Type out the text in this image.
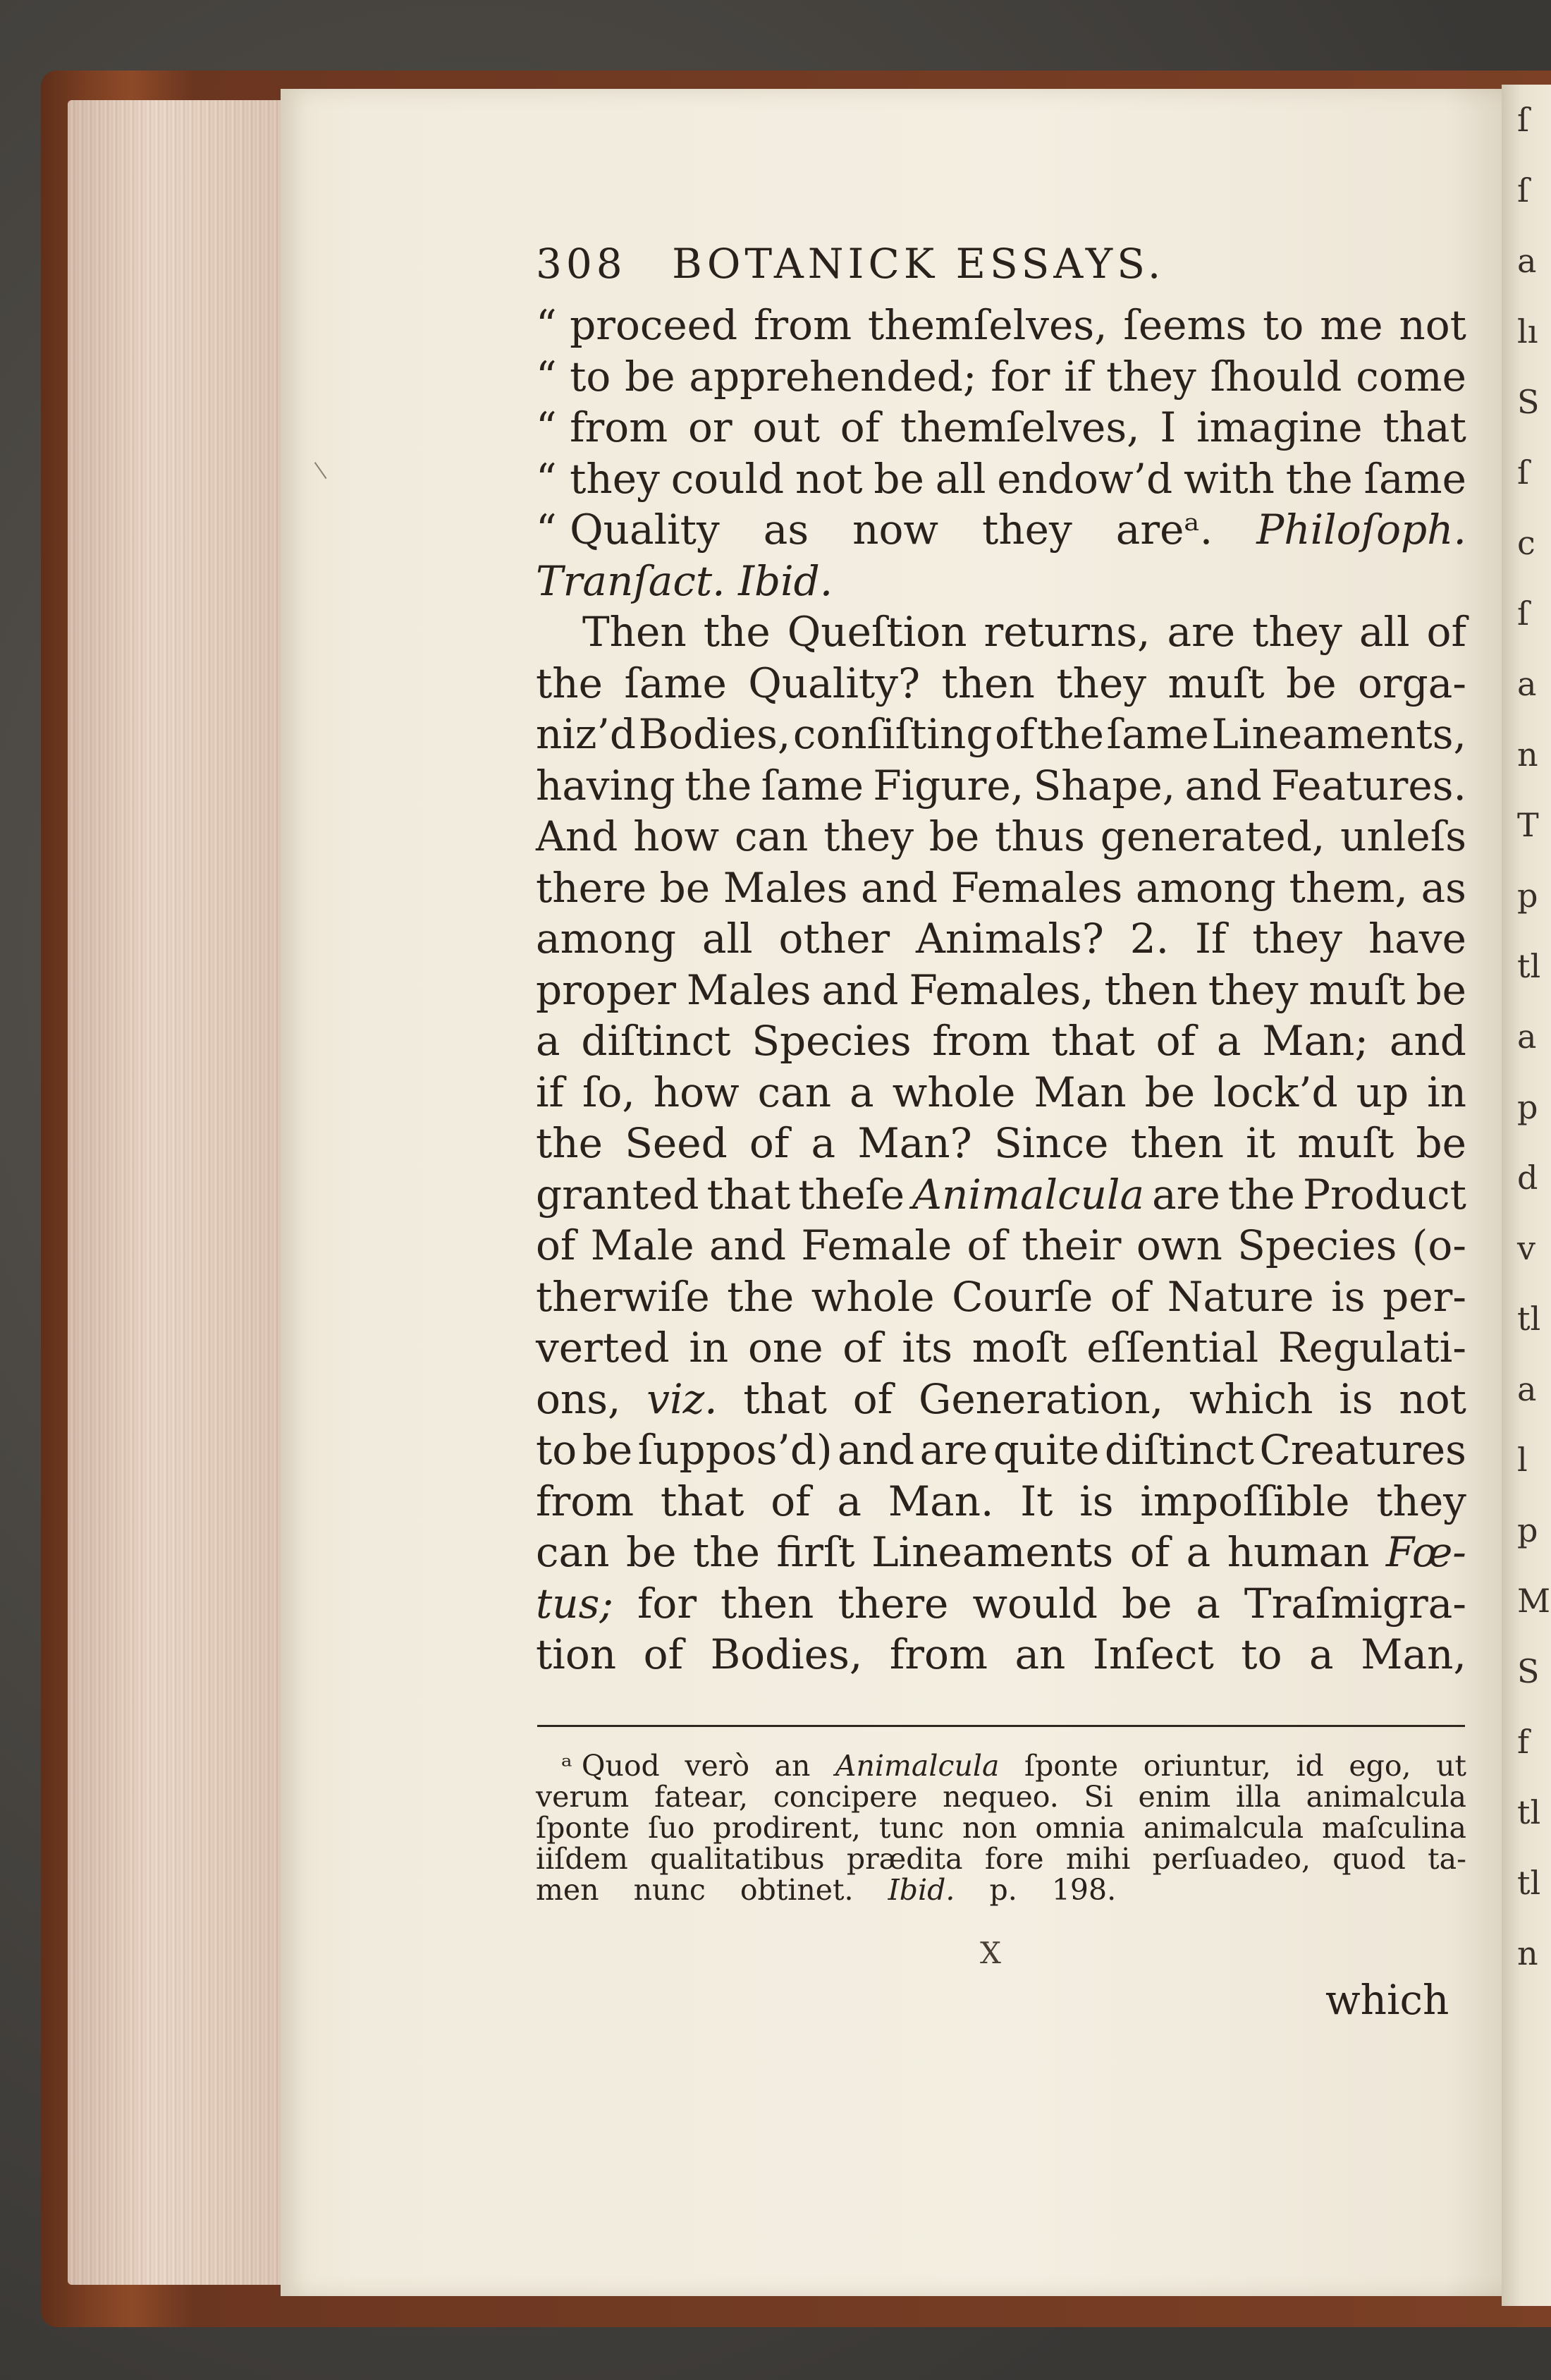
ſ
ſ
a
lı
S
ſ
c
ſ
a
n
T
p
tl
a
p
d
v
tl
a
l
p
M
S
f
tl
tl
n
308 BOTANICK ESSAYS.
“ proceed from themſelves, ſeems to me not
“ to be apprehended; for if they ſhould come
“ from or out of themſelves, I imagine that
“ they could not be all endow’d with the ſame
“ Quality as now they areᵃ. Philoſoph.
Tranſact.
Ibid.
Then the Queſtion returns, are they all of
the ſame Quality? then they muſt be orga-
niz’d Bodies, conſiſting of the ſame Lineaments,
having the ſame Figure, Shape, and Features.
And how can they be thus generated, unleſs
there be Males and Females among them, as
among all other Animals? 2. If they have
proper Males and Females, then they muſt be
a diſtinct Species from that of a Man; and
if ſo, how can a whole Man be lock’d up in
the Seed of a Man? Since then it muſt be
granted that theſe Animalcula are the Product
of Male and Female of their own Species (o-
therwiſe the whole Courſe of Nature is per-
verted in one of its moſt eſſential Regulati-
ons, viz. that of Generation, which is not
to be ſuppos’d) and are quite diſtinct Creatures
from that of a Man. It is impoſſible they
can be the firſt Lineaments of a human Fœ-
tus; for then there would be a Traſmigra-
tion of Bodies, from an Inſect to a Man,
ᵃ Quod verò an Animalcula ſponte oriuntur, id ego, ut
verum fatear, concipere nequeo. Si enim illa animalcula
ſponte ſuo prodirent, tunc non omnia animalcula maſculina
iiſdem qualitatibus prædita fore mihi perſuadeo, quod ta-
men
nunc
obtinet.
Ibid.
p.
198.
X
which
